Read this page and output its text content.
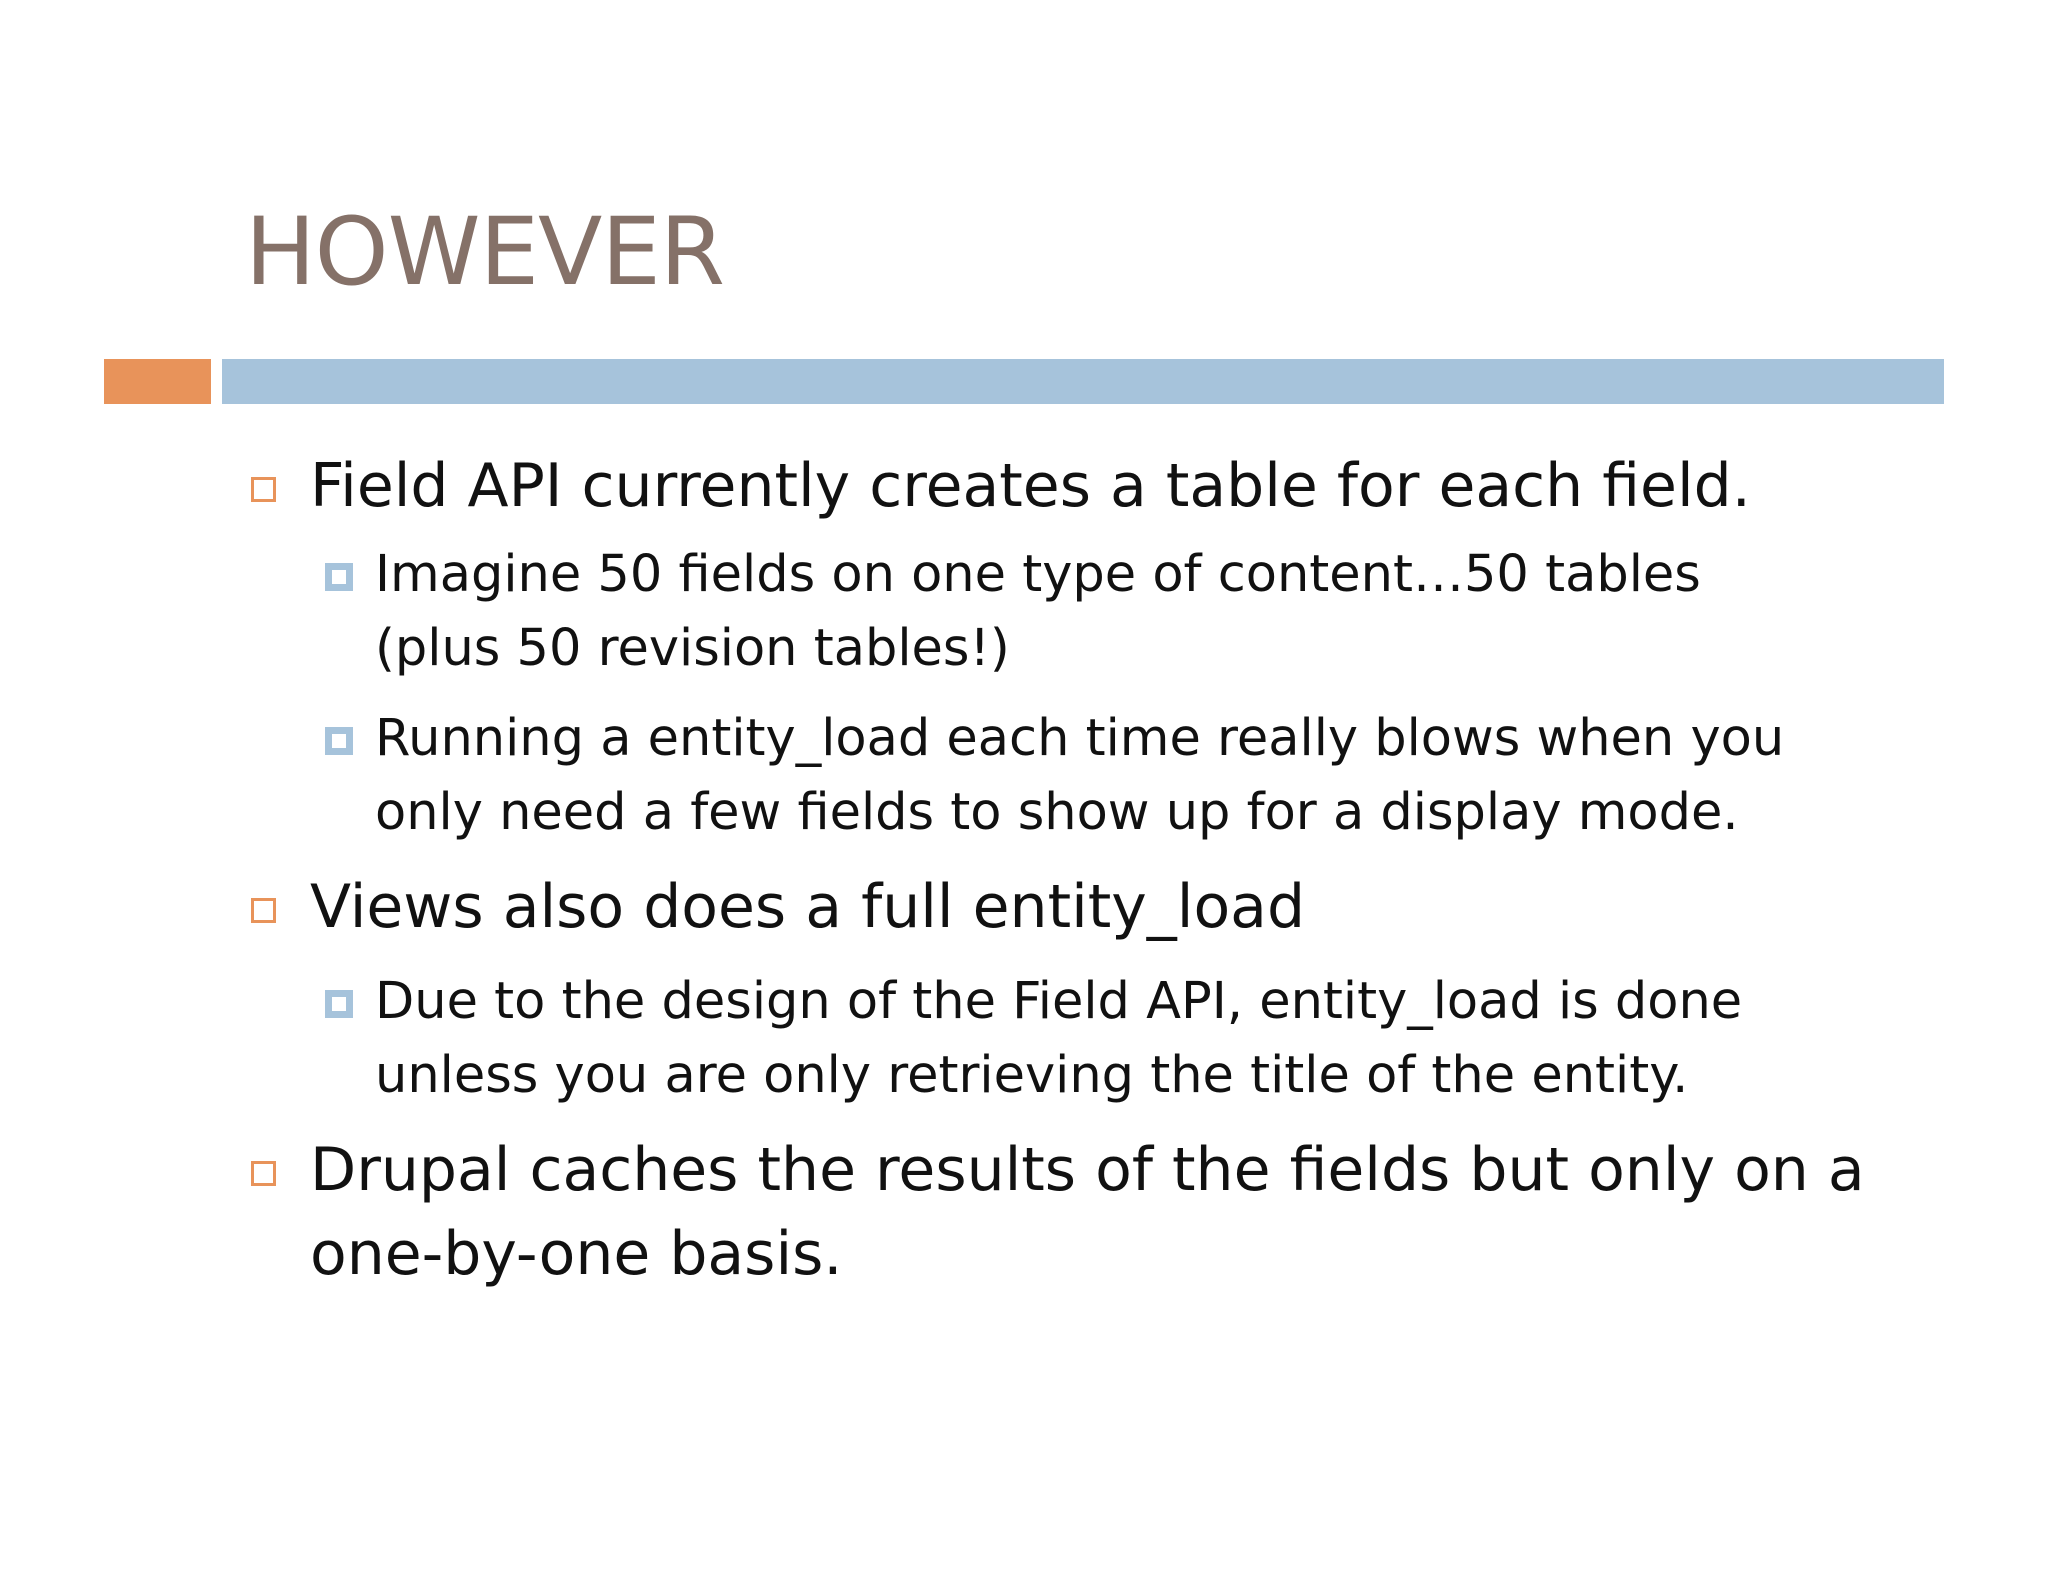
HOWEVER
Field API currently creates a table for each field.
Imagine 50 fields on one type of content…50 tables
(plus 50 revision tables!)
Running a entity_load each time really blows when you
only need a few fields to show up for a display mode.
Views also does a full entity_load
Due to the design of the Field API, entity_load is done
unless you are only retrieving the title of the entity.
Drupal caches the results of the fields but only on a
one-by-one basis.
